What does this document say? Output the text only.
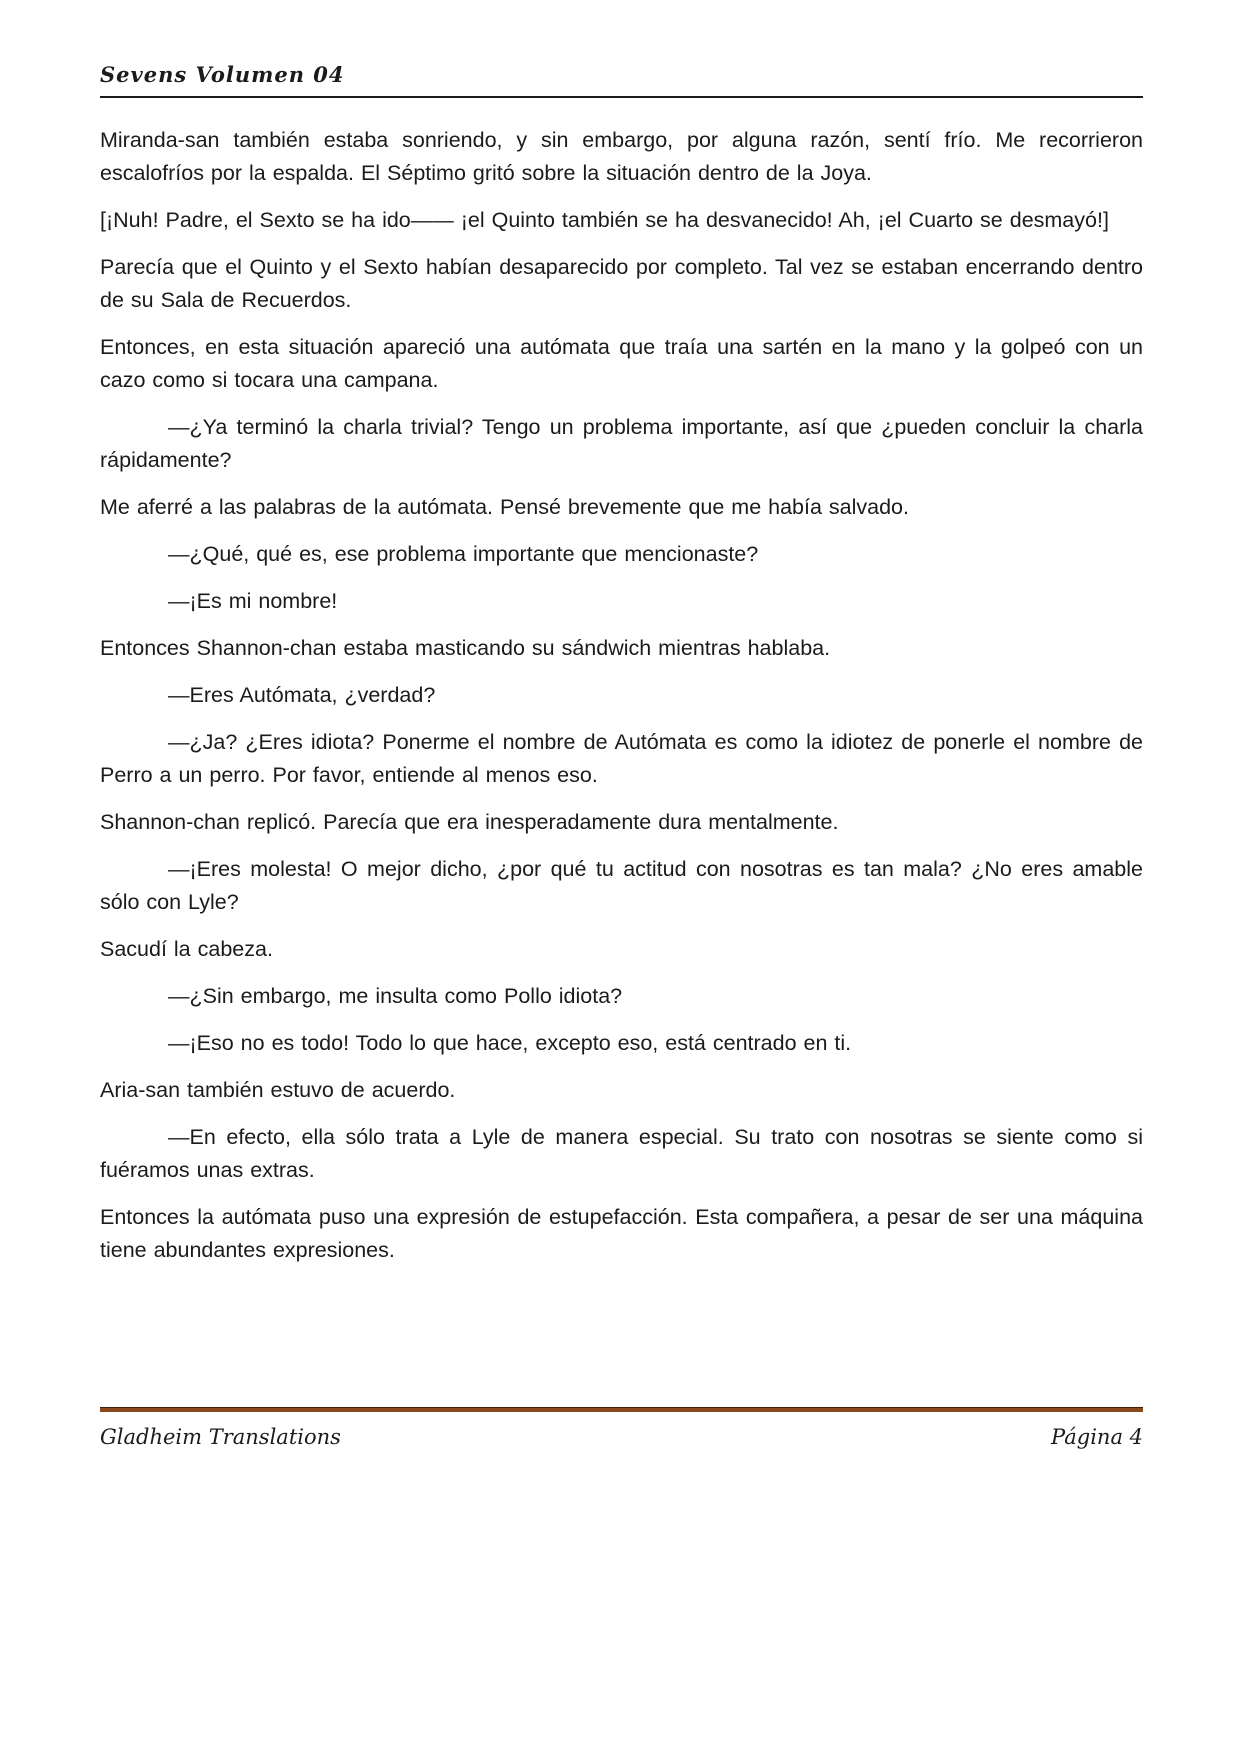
Sevens Volumen 04

Miranda-san también estaba sonriendo, y sin embargo, por alguna razón, sentí frío. Me recorrieron escalofríos por la espalda. El Séptimo gritó sobre la situación dentro de la Joya.

[¡Nuh! Padre, el Sexto se ha ido—— ¡el Quinto también se ha desvanecido! Ah, ¡el Cuarto se desmayó!]

Parecía que el Quinto y el Sexto habían desaparecido por completo. Tal vez se estaban encerrando dentro de su Sala de Recuerdos.

Entonces, en esta situación apareció una autómata que traía una sartén en la mano y la golpeó con un cazo como si tocara una campana.

—¿Ya terminó la charla trivial? Tengo un problema importante, así que ¿pueden concluir la charla rápidamente?

Me aferré a las palabras de la autómata. Pensé brevemente que me había salvado.

—¿Qué, qué es, ese problema importante que mencionaste?

—¡Es mi nombre!

Entonces Shannon-chan estaba masticando su sándwich mientras hablaba.

—Eres Autómata, ¿verdad?

—¿Ja? ¿Eres idiota? Ponerme el nombre de Autómata es como la idiotez de ponerle el nombre de Perro a un perro. Por favor, entiende al menos eso.

Shannon-chan replicó. Parecía que era inesperadamente dura mentalmente.

—¡Eres molesta! O mejor dicho, ¿por qué tu actitud con nosotras es tan mala? ¿No eres amable sólo con Lyle?

Sacudí la cabeza.

—¿Sin embargo, me insulta como Pollo idiota?

—¡Eso no es todo! Todo lo que hace, excepto eso, está centrado en ti.

Aria-san también estuvo de acuerdo.

—En efecto, ella sólo trata a Lyle de manera especial. Su trato con nosotras se siente como si fuéramos unas extras.

Entonces la autómata puso una expresión de estupefacción. Esta compañera, a pesar de ser una máquina tiene abundantes expresiones.

Gladheim Translations	Página 4
